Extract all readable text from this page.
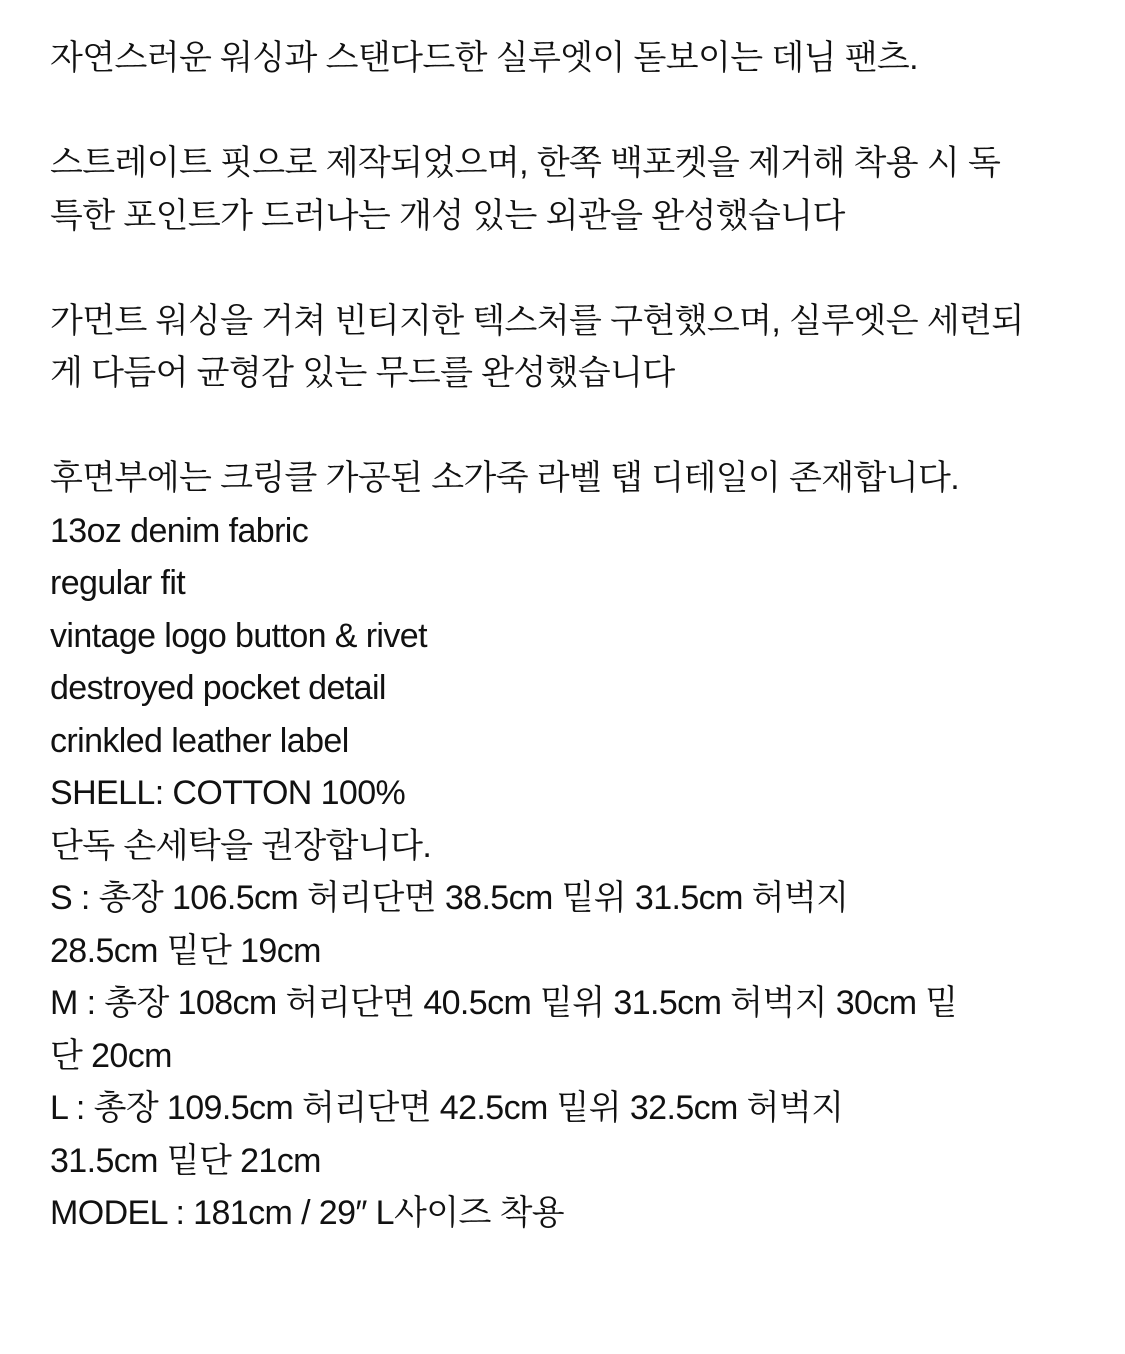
자연스러운 워싱과 스탠다드한 실루엣이 돋보이는 데님 팬츠.
스트레이트 핏으로 제작되었으며, 한쪽 백포켓을 제거해 착용 시 독
특한 포인트가 드러나는 개성 있는 외관을 완성했습니다
가먼트 워싱을 거쳐 빈티지한 텍스처를 구현했으며, 실루엣은 세련되
게 다듬어 균형감 있는 무드를 완성했습니다
후면부에는 크링클 가공된 소가죽 라벨 탭 디테일이 존재합니다.
13oz denim fabric
regular fit
vintage logo button & rivet
destroyed pocket detail
crinkled leather label
SHELL: COTTON 100%
단독 손세탁을 권장합니다.
S : 총장 106.5cm 허리단면 38.5cm 밑위 31.5cm 허벅지
28.5cm 밑단 19cm
M : 총장 108cm 허리단면 40.5cm 밑위 31.5cm 허벅지 30cm 밑
단 20cm
L : 총장 109.5cm 허리단면 42.5cm 밑위 32.5cm 허벅지
31.5cm 밑단 21cm
MODEL : 181cm / 29″ L사이즈 착용
